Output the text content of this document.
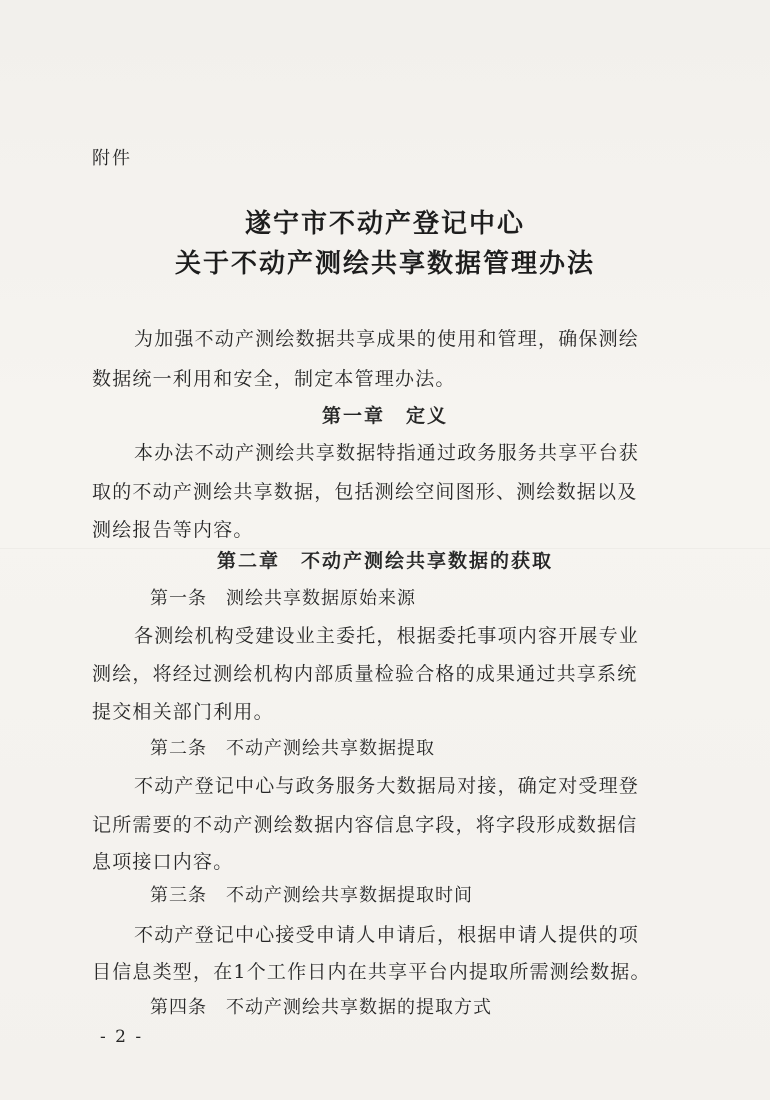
附件
遂宁市不动产登记中心
关于不动产测绘共享数据管理办法
为加强不动产测绘数据共享成果的使用和管理，确保测绘
数据统一利用和安全，制定本管理办法。
第一章　定义
本办法不动产测绘共享数据特指通过政务服务共享平台获
取的不动产测绘共享数据，包括测绘空间图形、测绘数据以及
测绘报告等内容。
第二章　不动产测绘共享数据的获取
第一条　测绘共享数据原始来源
各测绘机构受建设业主委托，根据委托事项内容开展专业
测绘，将经过测绘机构内部质量检验合格的成果通过共享系统
提交相关部门利用。
第二条　不动产测绘共享数据提取
不动产登记中心与政务服务大数据局对接，确定对受理登
记所需要的不动产测绘数据内容信息字段，将字段形成数据信
息项接口内容。
第三条　不动产测绘共享数据提取时间
不动产登记中心接受申请人申请后，根据申请人提供的项
目信息类型，在1个工作日内在共享平台内提取所需测绘数据。
第四条　不动产测绘共享数据的提取方式
- 2 -
